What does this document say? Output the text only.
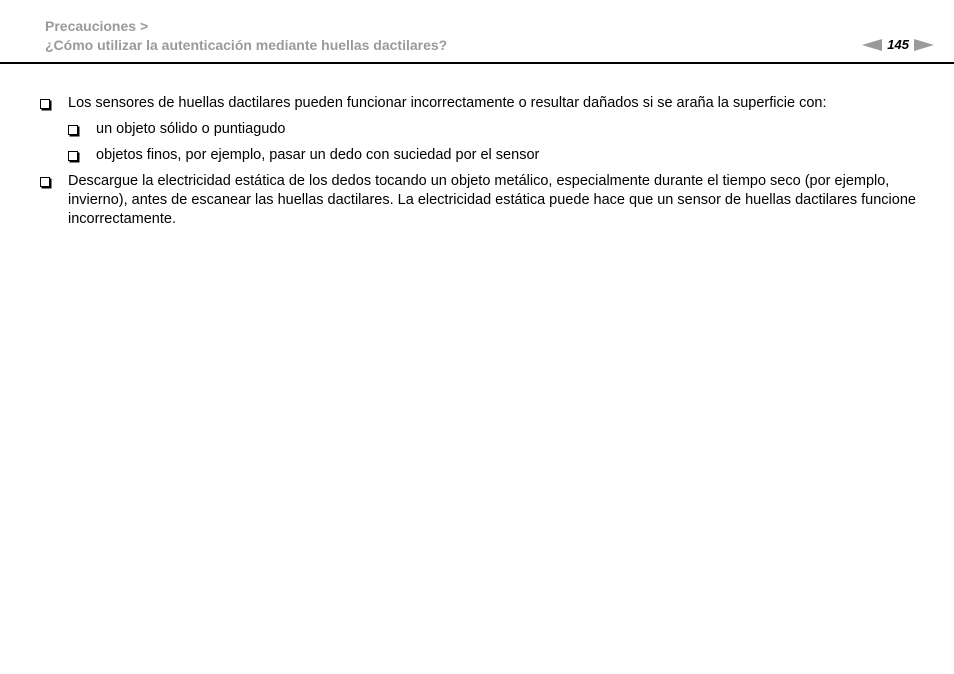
Precauciones >
¿Cómo utilizar la autenticación mediante huellas dactilares?	145
Los sensores de huellas dactilares pueden funcionar incorrectamente o resultar dañados si se araña la superficie con:
un objeto sólido o puntiagudo
objetos finos, por ejemplo, pasar un dedo con suciedad por el sensor
Descargue la electricidad estática de los dedos tocando un objeto metálico, especialmente durante el tiempo seco (por ejemplo, invierno), antes de escanear las huellas dactilares. La electricidad estática puede hace que un sensor de huellas dactilares funcione incorrectamente.
